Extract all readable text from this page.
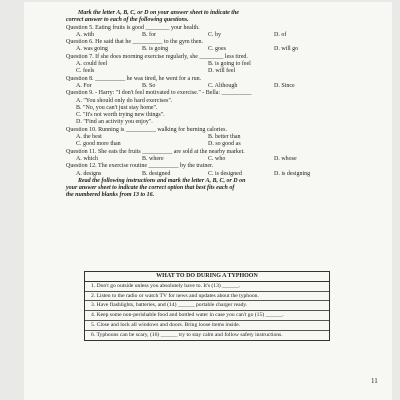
Mark the letter A, B, C, or D on your answer sheet to indicate the
correct answer to each of the following questions.

Question 5. Eating fruits is good ________ your health.

A. with	B. for	C. by	D. of

Question 6. He said that he __________ to the gym then.

A. was going	B. is going	C. goes	D. will go

Question 7. If she does morning exercise regularly, she ________ less tired.

A. could feel	B. is going to feel
C. feels	D. will feel

Question 8. __________ he was tired, he went for a run.

A. For	B. So	C. Although	D. Since

Question 9. - Harry: "I don't feel motivated to exercise." - Bella: __________

A. "You should only do hard exercises".

B. "No, you can't just stay home".

C. "It's not worth trying new things".

D. "Find an activity you enjoy".

Question 10. Running is __________ walking for burning calories.

A. the best	B. better than
C. good more than	D. so good as

Question 11. She eats the fruits __________ are sold at the nearby market.

A. which	B. where	C. who	D. whose

Question 12. The exercise routine __________ by the trainer.

A. designs	B. designed	C. is designed	D. is designing

Read the following instructions and mark the letter A, B, C, or D on
your answer sheet to indicate the correct option that best fits each of
the numbered blanks from 13 to 16.

WHAT TO DO DURING A TYPHOON
1. Don't go outside unless you absolutely have to. It's (13) ______.
2. Listen to the radio or watch TV for news and updates about the typhoon.
3. Have flashlights, batteries, and (14) ______ portable charger ready.
4. Keep some non-perishable food and bottled water in case you can't go (15) ______.
5. Close and lock all windows and doors. Bring loose items inside.
6. Typhoons can be scary, (16) ______ try to stay calm and follow safety instructions.
11
